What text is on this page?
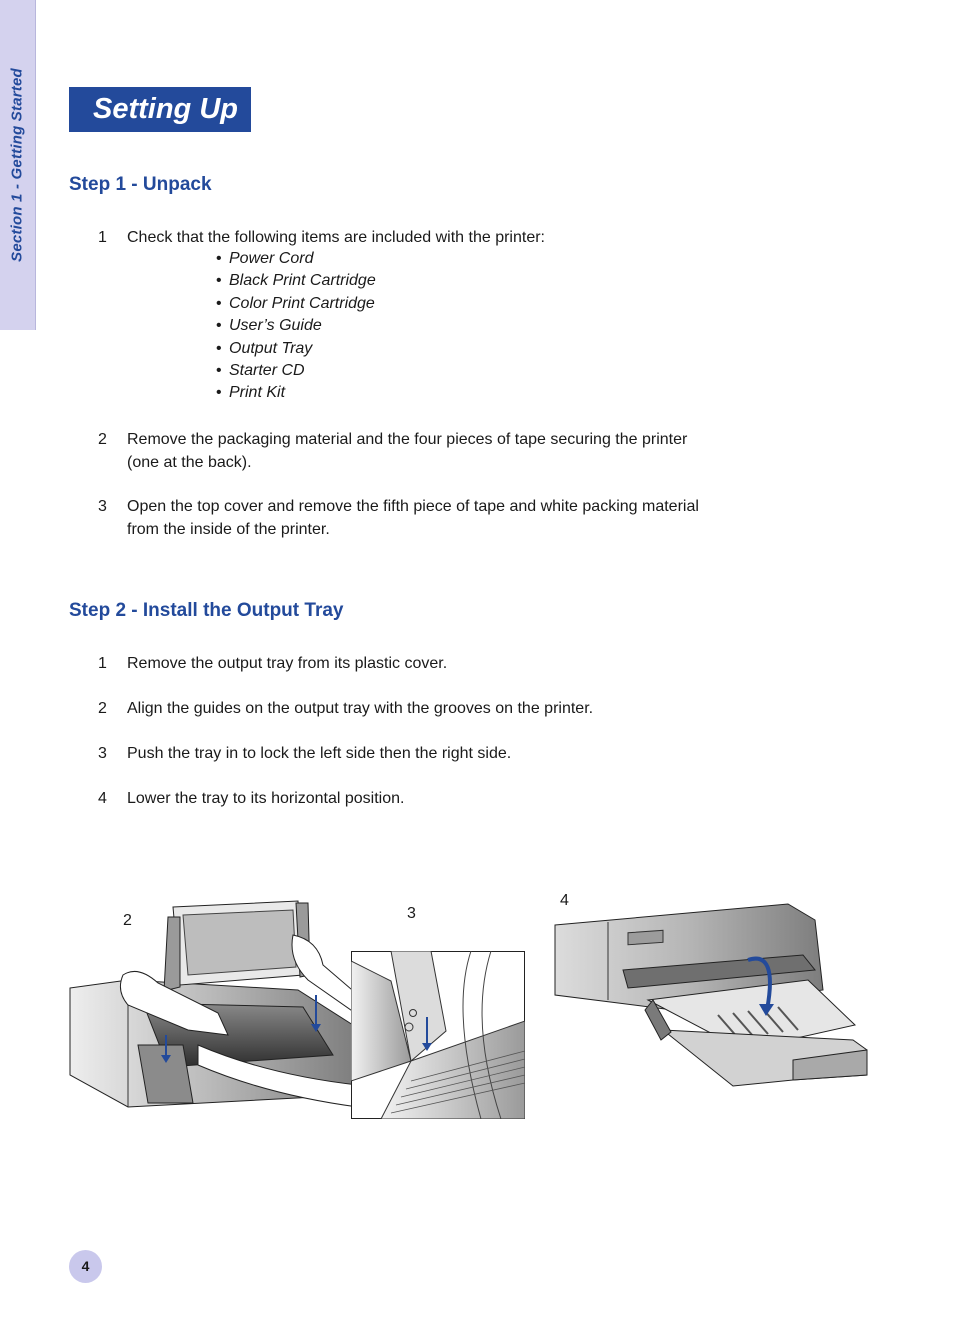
Section 1 - Getting Started	Setting Up
Step 1 - Unpack
1 Check that the following items are included with the printer:
• Power Cord
• Black Print Cartridge
• Color Print Cartridge
• User’s Guide
• Output Tray
• Starter CD
• Print Kit
2 Remove the packaging material and the four pieces of tape securing the printer (one at the back).
3 Open the top cover and remove the fifth piece of tape and white packing material from the inside of the printer.
Step 2 - Install the Output Tray
1 Remove the output tray from its plastic cover.
2 Align the guides on the output tray with the grooves on the printer.
3 Push the tray in to lock the left side then the right side.
4 Lower the tray to its horizontal position.
2	3
4
4
